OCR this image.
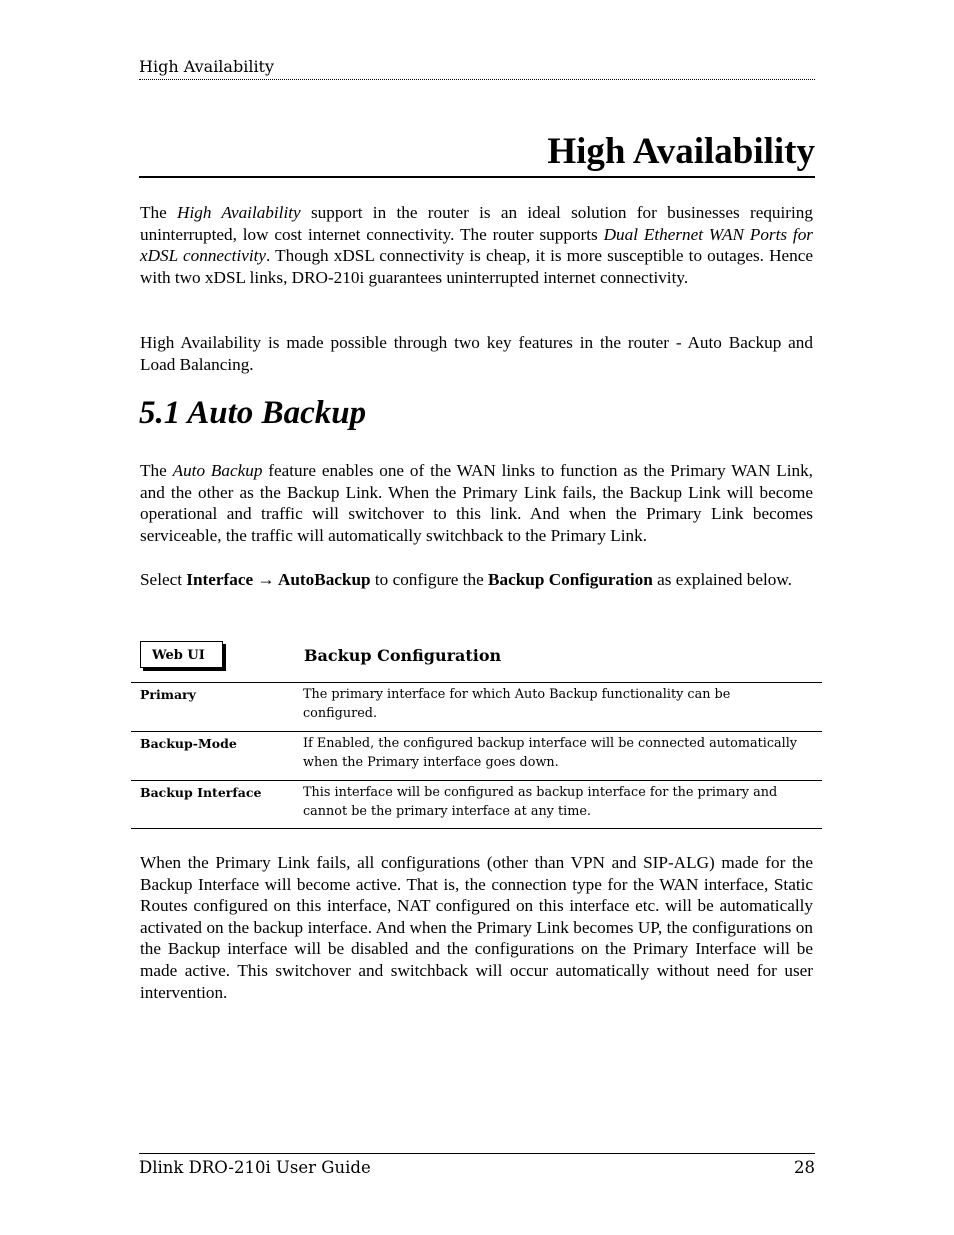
High Availability
High Availability

The High Availability support in the router is an ideal solution for businesses requiring uninterrupted, low cost internet connectivity. The router supports Dual Ethernet WAN Ports for xDSL connectivity. Though xDSL connectivity is cheap, it is more susceptible to outages. Hence with two xDSL links, DRO-210i guarantees uninterrupted internet connectivity.

High Availability is made possible through two key features in the router - Auto Backup and Load Balancing.

5.1 Auto Backup

The Auto Backup feature enables one of the WAN links to function as the Primary WAN Link, and the other as the Backup Link. When the Primary Link fails, the Backup Link will become operational and traffic will switchover to this link. And when the Primary Link becomes serviceable, the traffic will automatically switchback to the Primary Link.

Select Interface → AutoBackup to configure the Backup Configuration as explained below.

Web UI	Backup Configuration
Primary	The primary interface for which Auto Backup functionality can be configured.
Backup-Mode	If Enabled, the configured backup interface will be connected automatically when the Primary interface goes down.
Backup Interface	This interface will be configured as backup interface for the primary and cannot be the primary interface at any time.

When the Primary Link fails, all configurations (other than VPN and SIP-ALG) made for the Backup Interface will become active. That is, the connection type for the WAN interface, Static Routes configured on this interface, NAT configured on this interface etc. will be automatically activated on the backup interface. And when the Primary Link becomes UP, the configurations on the Backup interface will be disabled and the configurations on the Primary Interface will be made active. This switchover and switchback will occur automatically without need for user intervention.

Dlink DRO-210i User Guide	28
